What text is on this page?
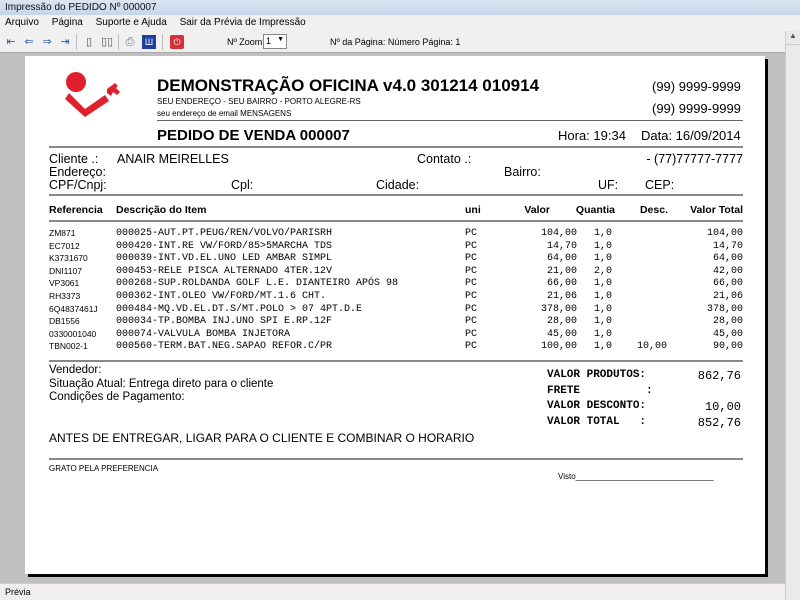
Impressão do PEDIDO Nº 000007
Arquivo Página Suporte e Ajuda Sair da Prévia de Impressão
⇤ ⇐ ⇒ ⇥	▯ ▯▯ ⎙	Ш	⏻	Nº Zoom 1 ▼	Nº da Página: Número Página: 1
▲
DEMONSTRAÇÃO OFICINA v4.0 301214 010914
SEU ENDEREÇO - SEU BAIRRO - PORTO ALEGRE-RS
seu endereço de email MENSAGENS
(99) 9999-9999
(99) 9999-9999
PEDIDO DE VENDA 000007	Hora: 19:34 Data: 16/09/2014
Cliente .: ANAIR MEIRELLES	Contato .:	- (77)77777-7777
Endereço:	Bairro:
CPF/Cnpj:	Cpl:	Cidade:	UF: CEP:
Referencia Descrição do Item	uni	Valor Quantia Desc. Valor Total
ZM871	000025-AUT.PT.PEUG/REN/VOLVO/PARISRH	PC	104,00 1,0	104,00
EC7012	000420-INT.RE VW/FORD/85>5MARCHA TDS	PC	14,70 1,0	14,70
K3731670	000039-INT.VD.EL.UNO LED AMBAR SIMPL	PC	64,00 1,0	64,00
DNI1107	000453-RELE PISCA ALTERNADO 4TER.12V	PC	21,00 2,0	42,00
VP3061	000268-SUP.ROLDANDA GOLF L.E. DIANTEIRO APÓS 98	PC	66,00 1,0	66,00
RH3373	000362-INT.OLEO VW/FORD/MT.1.6 CHT.	PC	21,06 1,0	21,06
6Q4837461J 000484-MQ.VD.EL.DT.S/MT.POLO > 07 4PT.D.E	PC	378,00 1,0	378,00
DB1556	000034-TP.BOMBA INJ.UNO SPI E.RP.12F	PC	28,00 1,0	28,00
0330001040 000074-VALVULA BOMBA INJETORA	PC	45,00 1,0	45,00
TBN002-1	000560-TERM.BAT.NEG.SAPAO REFOR.C/PR	PC	100,00 1,0 10,00	90,00
Vendedor:
Situação Atual: Entrega direto para o cliente
Condições de Pagamento:
VALOR PRODUTOS:	862,76
FRETE          :
VALOR DESCONTO:	10,00
VALOR TOTAL   :	852,76
ANTES DE ENTREGAR, LIGAR PARA O CLIENTE E COMBINAR O HORARIO
GRATO PELA PREFERENCIA
Visto_______________________________
Prévia
